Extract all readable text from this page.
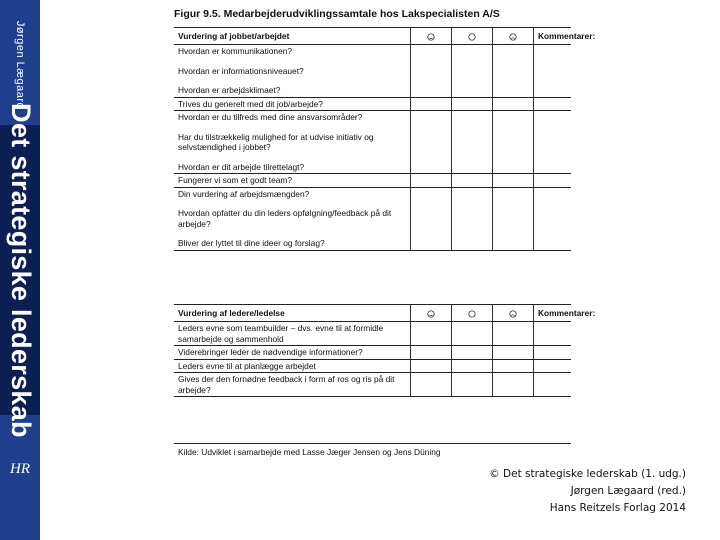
Jørgen Lægaard
Det strategiske lederskab
HR
Figur 9.5. Medarbejderudviklingssamtale hos Lakspecialisten A/S
Vurdering af jobbet/arbejdet				Kommentarer:

Hvordan er kommunikationen?
Hvordan er informationsniveauet?
Hvordan er arbejdsklimaet?				

Trives du generelt med dit job/arbejde?				

Hvordan er du tilfreds med dine ansvarsområder?
Har du tilstrækkelig mulighed for at udvise initiativ og selvstændighed i jobbet?
Hvordan er dit arbejde tilrettelagt?				

Fungerer vi som et godt team?				

Din vurdering af arbejdsmængden?
Hvordan opfatter du din leders opfølgning/feedback på dit arbejde?
Bliver der lyttet til dine ideer og forslag?				

Vurdering af ledere/ledelse				Kommentarer:

Leders evne som teambuilder – dvs. evne til at formidle samarbejde og sammenhold				

Viderebringer leder de nødvendige informationer?				

Leders evne til at planlægge arbejdet				

Gives der den fornødne feedback i form af ros og ris på dit arbejde?				

Kilde: Udviklet i samarbejde med Lasse Jæger Jensen og Jens Düning
© Det strategiske lederskab (1. udg.)
Jørgen Lægaard (red.)
Hans Reitzels Forlag 2014
